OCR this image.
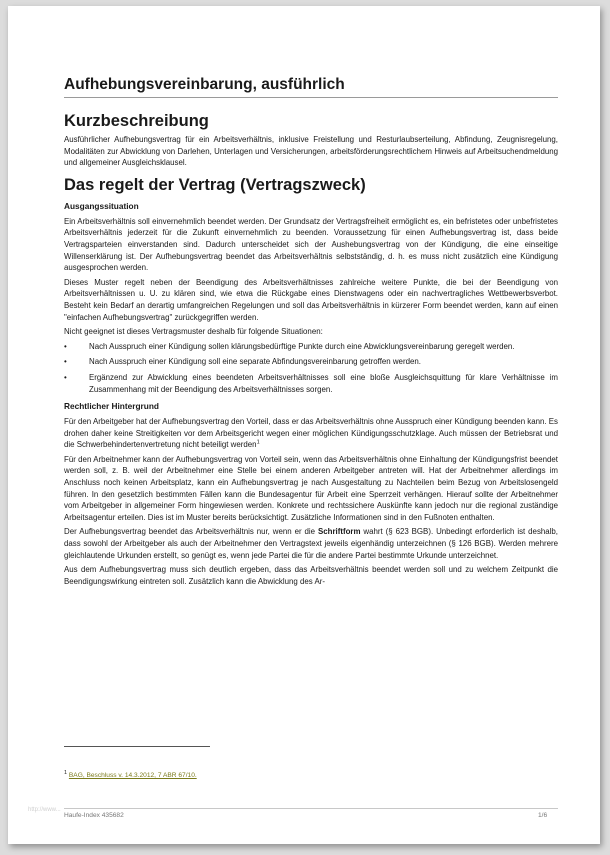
Aufhebungsvereinbarung, ausführlich
Kurzbeschreibung

Ausführlicher Aufhebungsvertrag für ein Arbeitsverhältnis, inklusive Freistellung und Resturlaubserteilung, Abfindung, Zeugnisregelung, Modalitäten zur Abwicklung von Darlehen, Unterlagen und Versicherungen, arbeitsförderungsrechtlichem Hinweis auf Arbeitsuchendmeldung und allgemeiner Ausgleichsklausel.

Das regelt der Vertrag (Vertragszweck)
Ausgangssituation

Ein Arbeitsverhältnis soll einvernehmlich beendet werden. Der Grundsatz der Vertragsfreiheit ermöglicht es, ein befristetes oder unbefristetes Arbeitsverhältnis jederzeit für die Zukunft einvernehmlich zu beenden. Voraussetzung für einen Aufhebungsvertrag ist, dass beide Vertragsparteien einverstanden sind. Dadurch unterscheidet sich der Aushebungsvertrag von der Kündigung, die eine einseitige Willenserklärung ist. Der Aufhebungsvertrag beendet das Arbeitsverhältnis selbstständig, d. h. es muss nicht zusätzlich eine Kündigung ausgesprochen werden.

Dieses Muster regelt neben der Beendigung des Arbeitsverhältnisses zahlreiche weitere Punkte, die bei der Beendigung von Arbeitsverhältnissen u. U. zu klären sind, wie etwa die Rückgabe eines Dienstwagens oder ein nachvertragliches Wettbewerbsverbot. Besteht kein Bedarf an derartig umfangreichen Regelungen und soll das Arbeitsverhältnis in kürzerer Form beendet werden, kann auf einen "einfachen Aufhebungsvertrag" zurückgegriffen werden.

Nicht geeignet ist dieses Vertragsmuster deshalb für folgende Situationen:

•	Nach Ausspruch einer Kündigung sollen klärungsbedürftige Punkte durch eine Abwicklungsvereinbarung geregelt werden.
•	Nach Ausspruch einer Kündigung soll eine separate Abfindungsvereinbarung getroffen werden.
•	Ergänzend zur Abwicklung eines beendeten Arbeitsverhältnisses soll eine bloße Ausgleichsquittung für klare Verhältnisse im Zusammenhang mit der Beendigung des Arbeitsverhältnisses sorgen.
Rechtlicher Hintergrund

Für den Arbeitgeber hat der Aufhebungsvertrag den Vorteil, dass er das Arbeitsverhältnis ohne Ausspruch einer Kündigung beenden kann. Es drohen daher keine Streitigkeiten vor dem Arbeitsgericht wegen einer möglichen Kündigungsschutzklage. Auch müssen der Betriebsrat und die Schwerbehindertenvertretung nicht beteiligt werden$^1$

Für den Arbeitnehmer kann der Aufhebungsvertrag von Vorteil sein, wenn das Arbeitsverhältnis ohne Einhaltung der Kündigungsfrist beendet werden soll, z. B. weil der Arbeitnehmer eine Stelle bei einem anderen Arbeitgeber antreten will. Hat der Arbeitnehmer allerdings im Anschluss noch keinen Arbeitsplatz, kann ein Aufhebungsvertrag je nach Ausgestaltung zu Nachteilen beim Bezug von Arbeitslosengeld führen. In den gesetzlich bestimmten Fällen kann die Bundesagentur für Arbeit eine Sperrzeit verhängen. Hierauf sollte der Arbeitnehmer vom Arbeitgeber in allgemeiner Form hingewiesen werden. Konkrete und rechtssichere Auskünfte kann jedoch nur die regional zuständige Arbeitsagentur erteilen. Dies ist im Muster bereits berücksichtigt. Zusätzliche Informationen sind in den Fußnoten enthalten.

Der Aufhebungsvertrag beendet das Arbeitsverhältnis nur, wenn er die Schriftform wahrt (§ 623 BGB). Unbedingt erforderlich ist deshalb, dass sowohl der Arbeitgeber als auch der Arbeitnehmer den Vertragstext jeweils eigenhändig unterzeichnen (§ 126 BGB). Werden mehrere gleichlautende Urkunden erstellt, so genügt es, wenn jede Partei die für die andere Partei bestimmte Urkunde unterzeichnet.

Aus dem Aufhebungsvertrag muss sich deutlich ergeben, dass das Arbeitsverhältnis beendet werden soll und zu welchem Zeitpunkt die Beendigungswirkung eintreten soll. Zusätzlich kann die Abwicklung des Ar-

$^1$ BAG, Beschluss v. 14.3.2012, 7 ABR 67/10.
http://www...
Haufe-Index 435682	1/6
